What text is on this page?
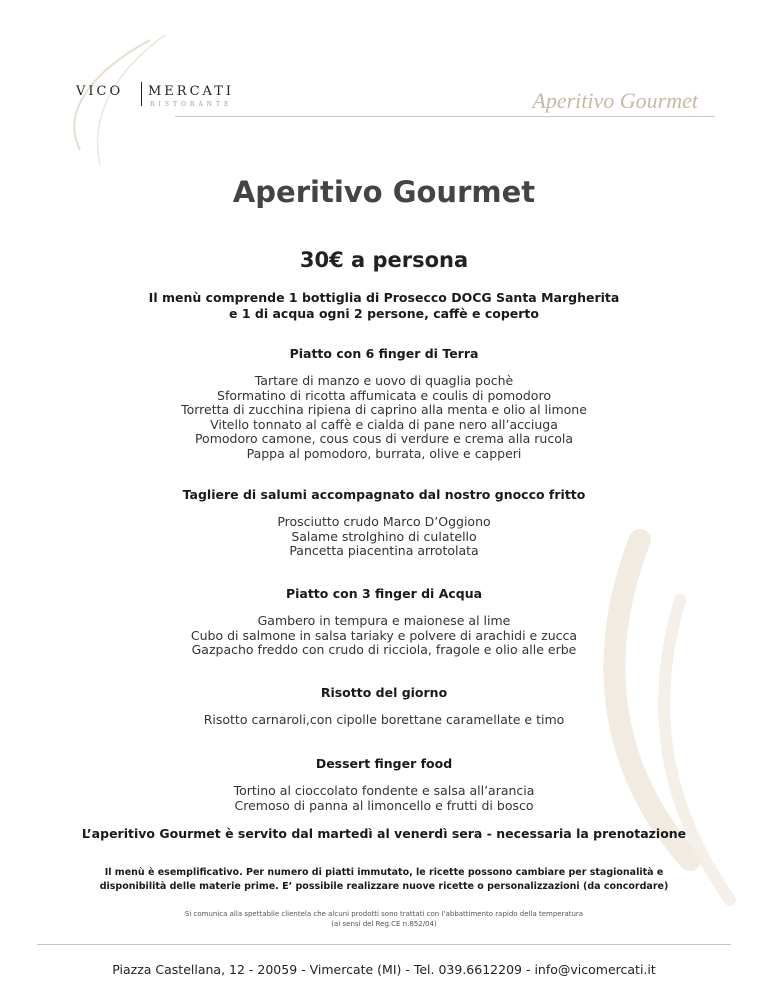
VICO MERCATI
RISTORANTE	Aperitivo Gourmet
Aperitivo Gourmet
30€ a persona
Il menù comprende 1 bottiglia di Prosecco DOCG Santa Margherita
e 1 di acqua ogni 2 persone, caffè e coperto
Piatto con 6 finger di Terra
Tartare di manzo e uovo di quaglia pochè
Sformatino di ricotta affumicata e coulis di pomodoro
Torretta di zucchina ripiena di caprino alla menta e olio al limone
Vitello tonnato al caffè e cialda di pane nero all’acciuga
Pomodoro camone, cous cous di verdure e crema alla rucola
Pappa al pomodoro, burrata, olive e capperi
Tagliere di salumi accompagnato dal nostro gnocco fritto
Prosciutto crudo Marco D’Oggiono
Salame strolghino di culatello
Pancetta piacentina arrotolata
Piatto con 3 finger di Acqua
Gambero in tempura e maionese al lime
Cubo di salmone in salsa tariaky e polvere di arachidi e zucca
Gazpacho freddo con crudo di ricciola, fragole e olio alle erbe
Risotto del giorno
Risotto carnaroli,con cipolle borettane caramellate e timo
Dessert finger food
Tortino al cioccolato fondente e salsa all’arancia
Cremoso di panna al limoncello e frutti di bosco
L’aperitivo Gourmet è servito dal martedì al venerdì sera - necessaria la prenotazione
Il menù è esemplificativo. Per numero di piatti immutato, le ricette possono cambiare per stagionalità e
disponibilità delle materie prime. E’ possibile realizzare nuove ricette o personalizzazioni (da concordare)
Si comunica alla spettabile clientela che alcuni prodotti sono trattati con l’abbattimento rapido della temperatura
(ai sensi del Reg.CE n.852/04)
Piazza Castellana, 12 - 20059 - Vimercate (MI) - Tel. 039.6612209 - info@vicomercati.it
